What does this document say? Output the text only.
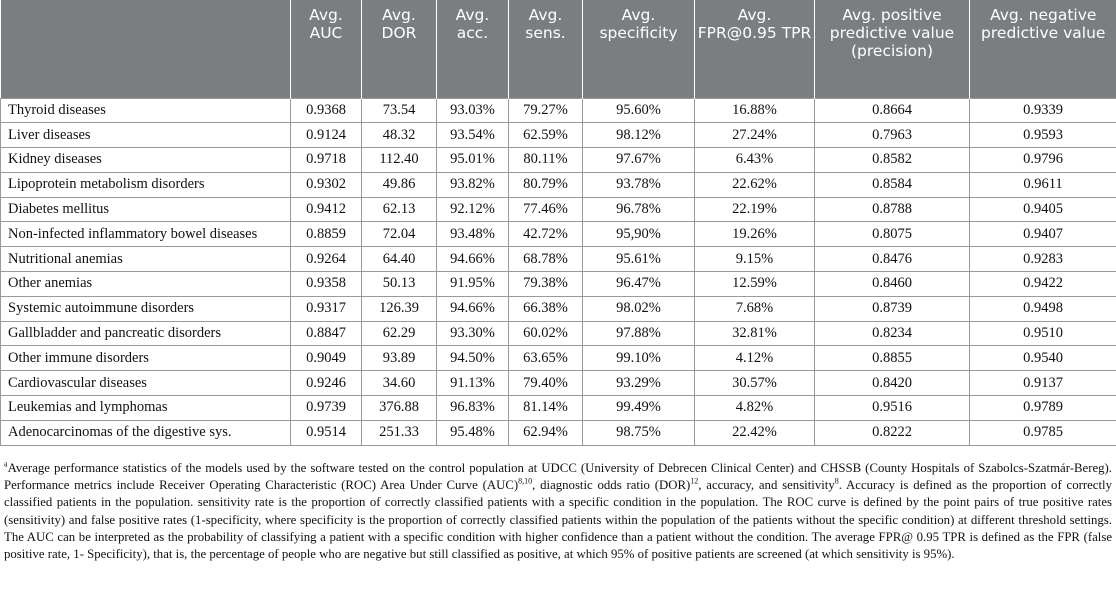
	Avg. AUC	Avg. DOR	Avg. acc.	Avg. sens.	Avg. specificity	Avg. FPR@0.95 TPR	Avg. positive predictive value (precision)	Avg. negative predictive value
Thyroid diseases	0.9368	73.54	93.03%	79.27%	95.60%	16.88%	0.8664	0.9339
Liver diseases	0.9124	48.32	93.54%	62.59%	98.12%	27.24%	0.7963	0.9593
Kidney diseases	0.9718	112.40	95.01%	80.11%	97.67%	6.43%	0.8582	0.9796
Lipoprotein metabolism disorders	0.9302	49.86	93.82%	80.79%	93.78%	22.62%	0.8584	0.9611
Diabetes mellitus	0.9412	62.13	92.12%	77.46%	96.78%	22.19%	0.8788	0.9405
Non-infected inflammatory bowel diseases	0.8859	72.04	93.48%	42.72%	95,90%	19.26%	0.8075	0.9407
Nutritional anemias	0.9264	64.40	94.66%	68.78%	95.61%	9.15%	0.8476	0.9283
Other anemias	0.9358	50.13	91.95%	79.38%	96.47%	12.59%	0.8460	0.9422
Systemic autoimmune disorders	0.9317	126.39	94.66%	66.38%	98.02%	7.68%	0.8739	0.9498
Gallbladder and pancreatic disorders	0.8847	62.29	93.30%	60.02%	97.88%	32.81%	0.8234	0.9510
Other immune disorders	0.9049	93.89	94.50%	63.65%	99.10%	4.12%	0.8855	0.9540
Cardiovascular diseases	0.9246	34.60	91.13%	79.40%	93.29%	30.57%	0.8420	0.9137
Leukemias and lymphomas	0.9739	376.88	96.83%	81.14%	99.49%	4.82%	0.9516	0.9789
Adenocarcinomas of the digestive sys.	0.9514	251.33	95.48%	62.94%	98.75%	22.42%	0.8222	0.9785

$^a$Average performance statistics of the models used by the software tested on the control population at UDCC (University of Debrecen Clinical Center) and CHSSB (County Hospitals of Szabolcs-Szatmár-Bereg). Performance metrics include Receiver Operating Characteristic (ROC) Area Under Curve (AUC)$^{8,10}$, diagnostic odds ratio (DOR)$^{12}$, accuracy, and sensitivity$^8$. Accuracy is defined as the proportion of correctly classified patients in the population. sensitivity rate is the proportion of correctly classified patients with a specific condition in the population. The ROC curve is defined by the point pairs of true positive rates (sensitivity) and false positive rates (1-specificity, where specificity is the proportion of correctly classified patients within the population of the patients without the specific condition) at different threshold settings. The AUC can be interpreted as the probability of classifying a patient with a specific condition with higher confidence than a patient without the condition. The average FPR@ 0.95 TPR is defined as the FPR (false positive rate, 1- Specificity), that is, the percentage of people who are negative but still classified as positive, at which 95% of positive patients are screened (at which sensitivity is 95%).
